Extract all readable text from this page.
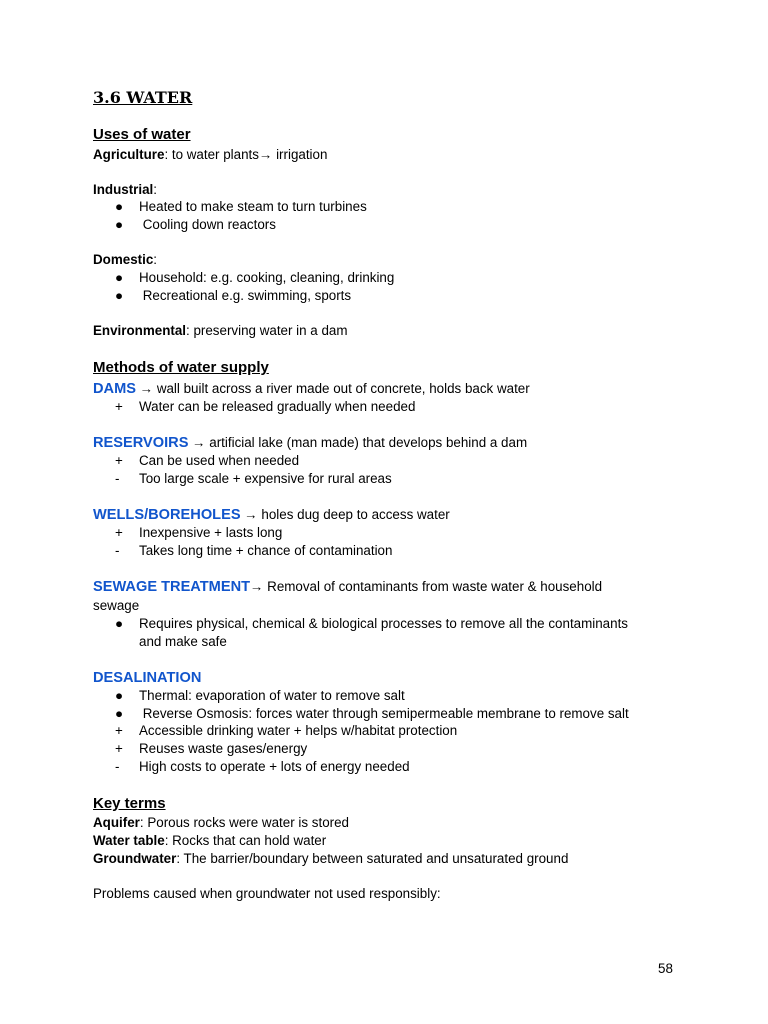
3.6 WATER
Uses of water
Agriculture: to water plants→ irrigation
Industrial:
●	Heated to make steam to turn turbines
●	Cooling down reactors
Domestic:
●	Household: e.g. cooking, cleaning, drinking
●	Recreational e.g. swimming, sports
Environmental: preserving water in a dam
Methods of water supply
DAMS → wall built across a river made out of concrete, holds back water
+	Water can be released gradually when needed
RESERVOIRS → artificial lake (man made) that develops behind a dam
+	Can be used when needed
-	Too large scale + expensive for rural areas
WELLS/BOREHOLES → holes dug deep to access water
+	Inexpensive + lasts long
-	Takes long time + chance of contamination
SEWAGE TREATMENT→ Removal of contaminants from waste water & household
sewage
●	Requires physical, chemical & biological processes to remove all the contaminants
and make safe
DESALINATION
●	Thermal: evaporation of water to remove salt
●	Reverse Osmosis: forces water through semipermeable membrane to remove salt
+	Accessible drinking water + helps w/habitat protection
+	Reuses waste gases/energy
-	High costs to operate + lots of energy needed
Key terms
Aquifer: Porous rocks were water is stored
Water table: Rocks that can hold water
Groundwater: The barrier/boundary between saturated and unsaturated ground
Problems caused when groundwater not used responsibly:
58
